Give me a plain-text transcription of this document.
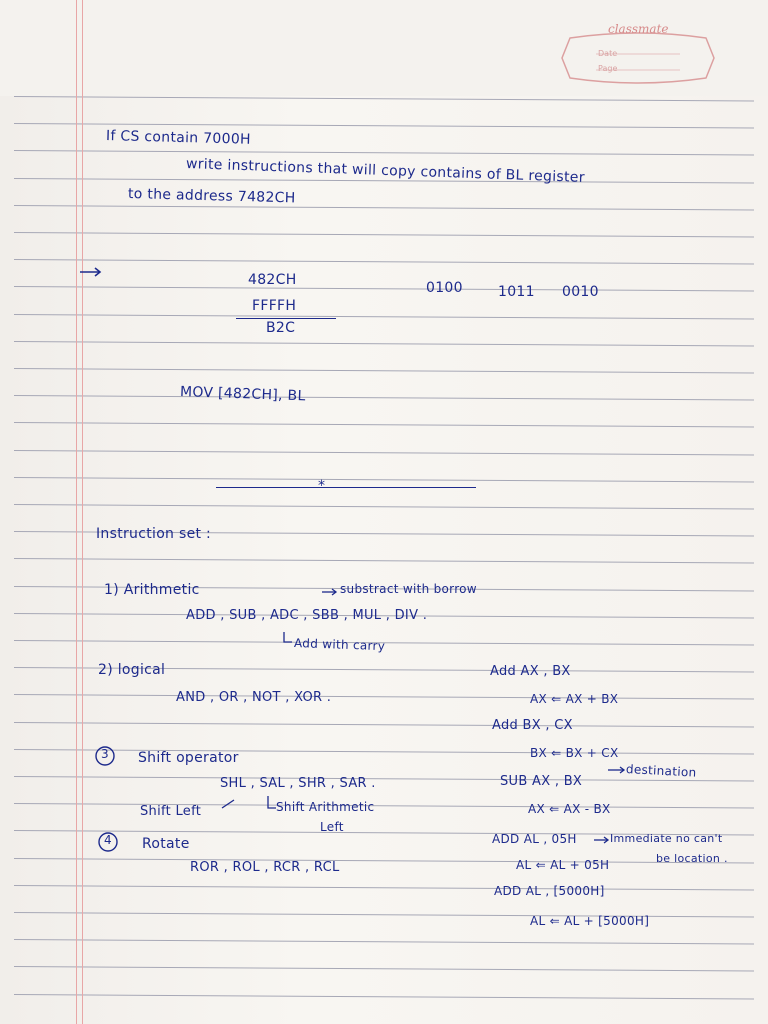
classmate
Date
Page
If CS contain 7000H
write instructions that will copy contains of BL register
to the address 7482CH
482CH
FFFFH
B2C
0100	1011 0010
MOV [482CH], BL
*
Instruction set :
1) Arithmetic	substract with borrow
ADD , SUB , ADC , SBB , MUL , DIV .
Add with carry
2) logical
AND , OR , NOT , XOR .
3 Shift operator
SHL , SAL , SHR , SAR .
Shift Left	Shift Arithmetic
Left
4 Rotate
ROR , ROL , RCR , RCL
Add AX , BX
AX ⇐ AX + BX
Add BX , CX
BX ⇐ BX + CX
SUB AX , BX
destination
AX ⇐ AX - BX
ADD AL , 05H	Immediate no can't
be location .
AL ⇐ AL + 05H
ADD AL , [5000H]
AL ⇐ AL + [5000H]
